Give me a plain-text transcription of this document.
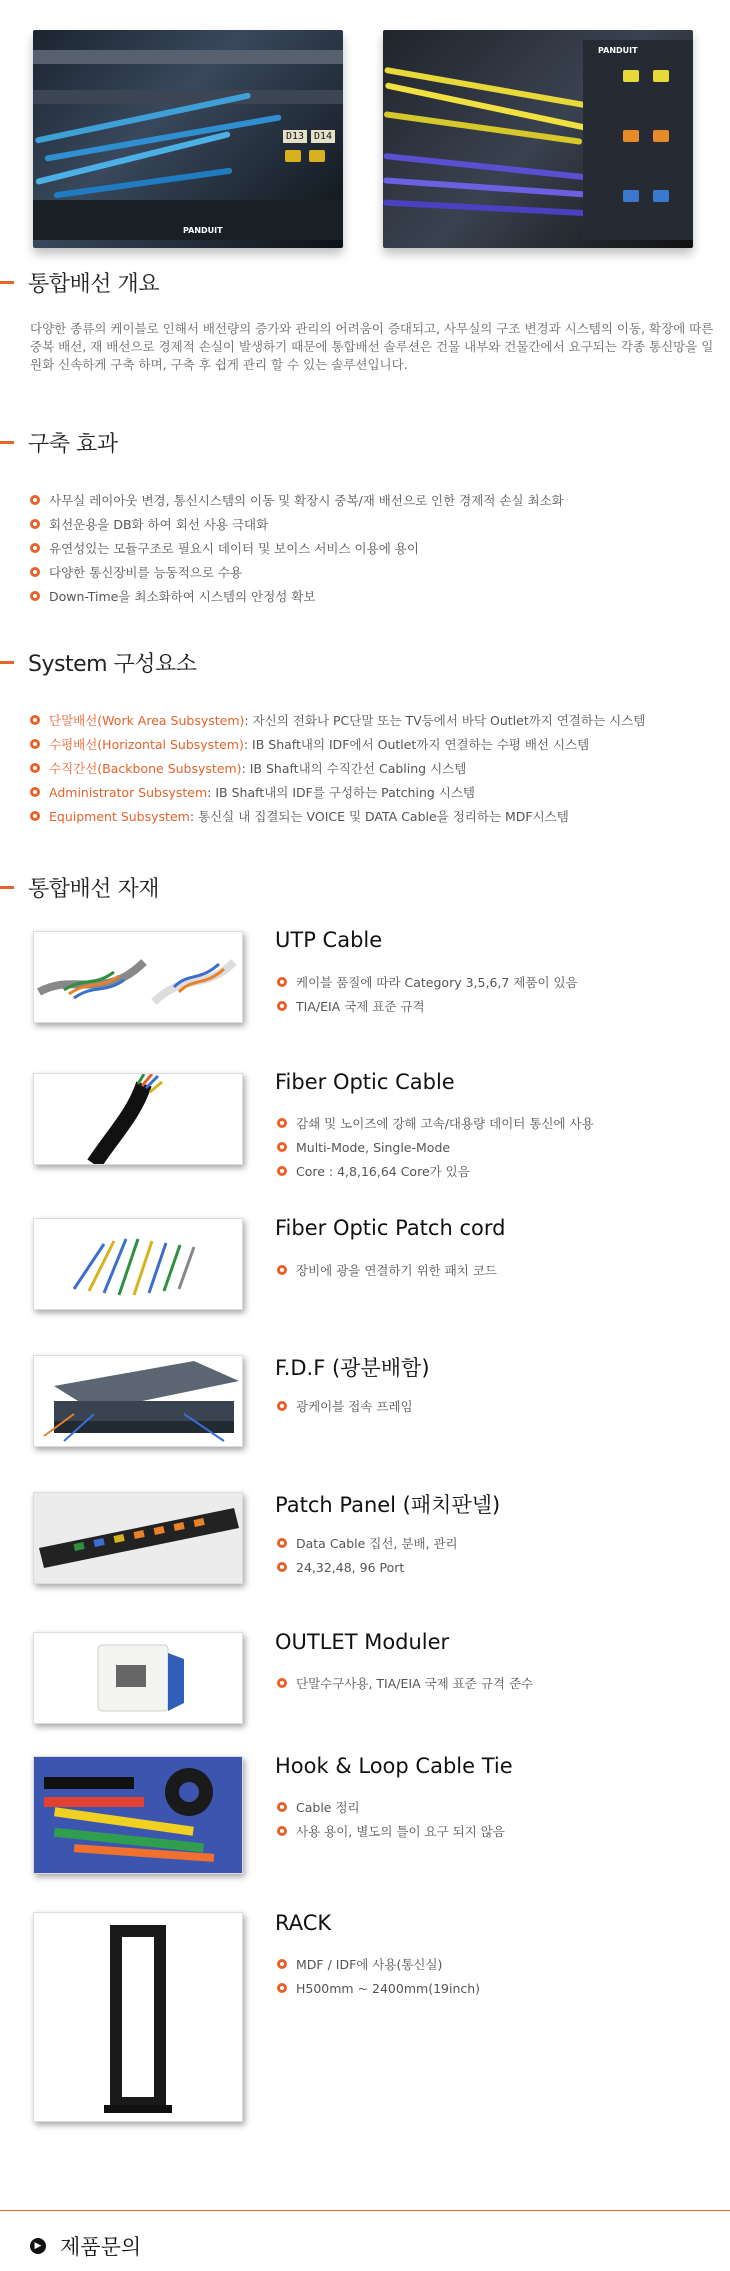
D13 D14
PANDUIT
PANDUIT
통합배선 개요
다양한 종류의 케이블로 인해서 배선량의 증가와 관리의 어려움이 증대되고, 사무실의 구조 변경과 시스템의 이동, 확장에 따른 중복 배선, 재 배선으로 경제적 손실이 발생하기 때문에 통합배선 솔루션은 건물 내부와 건물간에서 요구되는 각종 통신망을 일원화 신속하게 구축 하며, 구축 후 쉽게 관리 할 수 있는 솔루션입니다.
구축 효과
사무실 레이아웃 변경, 통신시스템의 이동 및 확장시 중복/재 배선으로 인한 경제적 손실 최소화
회선운용을 DB화 하여 회선 사용 극대화
유연성있는 모듈구조로 필요시 데이터 및 보이스 서비스 이용에 용이
다양한 통신장비를 능동적으로 수용
Down-Time을 최소화하여 시스템의 안정성 확보
System 구성요소
단말배선(Work Area Subsystem) : 자신의 전화나 PC단말 또는 TV등에서 바닥 Outlet까지 연결하는 시스템
수평배선(Horizontal Subsystem) : IB Shaft내의 IDF에서 Outlet까지 연결하는 수평 배선 시스템
수직간선(Backbone Subsystem) : IB Shaft내의 수직간선 Cabling 시스템
Administrator Subsystem : IB Shaft내의 IDF를 구성하는 Patching 시스템
Equipment Subsystem : 통신실 내 집결되는 VOICE 및 DATA Cable을 정리하는 MDF시스템
통합배선 자재
UTP Cable
케이블 품질에 따라 Category 3,5,6,7 제품이 있음
TIA/EIA 국제 표준 규격
Fiber Optic Cable
감쇄 및 노이즈에 강해 고속/대용량 데이터 통신에 사용
Multi-Mode, Single-Mode
Core : 4,8,16,64 Core가 있음
Fiber Optic Patch cord
장비에 광을 연결하기 위한 패치 코드
F.D.F (광분배함)
광케이블 접속 프레임
Patch Panel (패치판넬)
Data Cable 집선, 분배, 관리
24,32,48, 96 Port
OUTLET Moduler
단말수구사용, TIA/EIA 국제 표준 규격 준수
Hook & Loop Cable Tie
Cable 정리
사용 용이, 별도의 틀이 요구 되지 않음
RACK
MDF / IDF에 사용(통신실)
H500mm ~ 2400mm(19inch)
▶ 제품문의
